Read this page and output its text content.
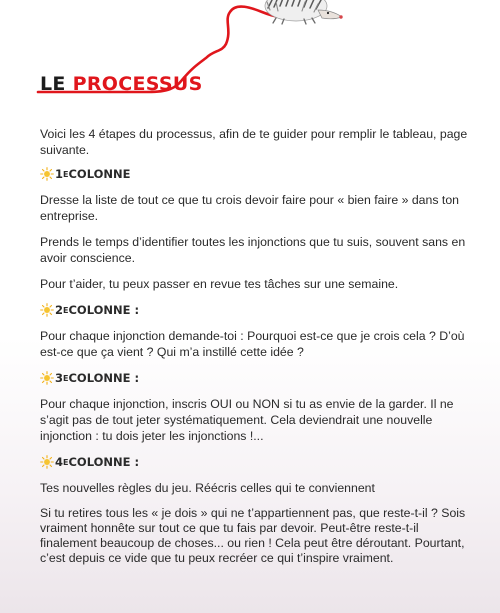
LE PROCESSUS

Voici les 4 étapes du processus, afin de te guider pour remplir le tableau, page suivante.

1 E COLONNE

Dresse la liste de tout ce que tu crois devoir faire pour « bien faire » dans ton entreprise.

Prends le temps d’identifier toutes les injonctions que tu suis, souvent sans en avoir conscience.

Pour t’aider, tu peux passer en revue tes tâches sur une semaine.

2 E COLONNE :

Pour chaque injonction demande-toi : Pourquoi est-ce que je crois cela ? D’où est-ce que ça vient ? Qui m’a instillé cette idée ?

3 E COLONNE :

Pour chaque injonction, inscris OUI ou NON si tu as envie de la garder. Il ne s’agit pas de tout jeter systématiquement. Cela deviendrait une nouvelle injonction : tu dois jeter les injonctions !...

4 E COLONNE :

Tes nouvelles règles du jeu. Réécris celles qui te conviennent

Si tu retires tous les « je dois » qui ne t’appartiennent pas, que reste-t-il ? Sois vraiment honnête sur tout ce que tu fais par devoir. Peut-être reste-t-il finalement beaucoup de choses... ou rien ! Cela peut être déroutant. Pourtant, c’est depuis ce vide que tu peux recréer ce qui t’inspire vraiment.
